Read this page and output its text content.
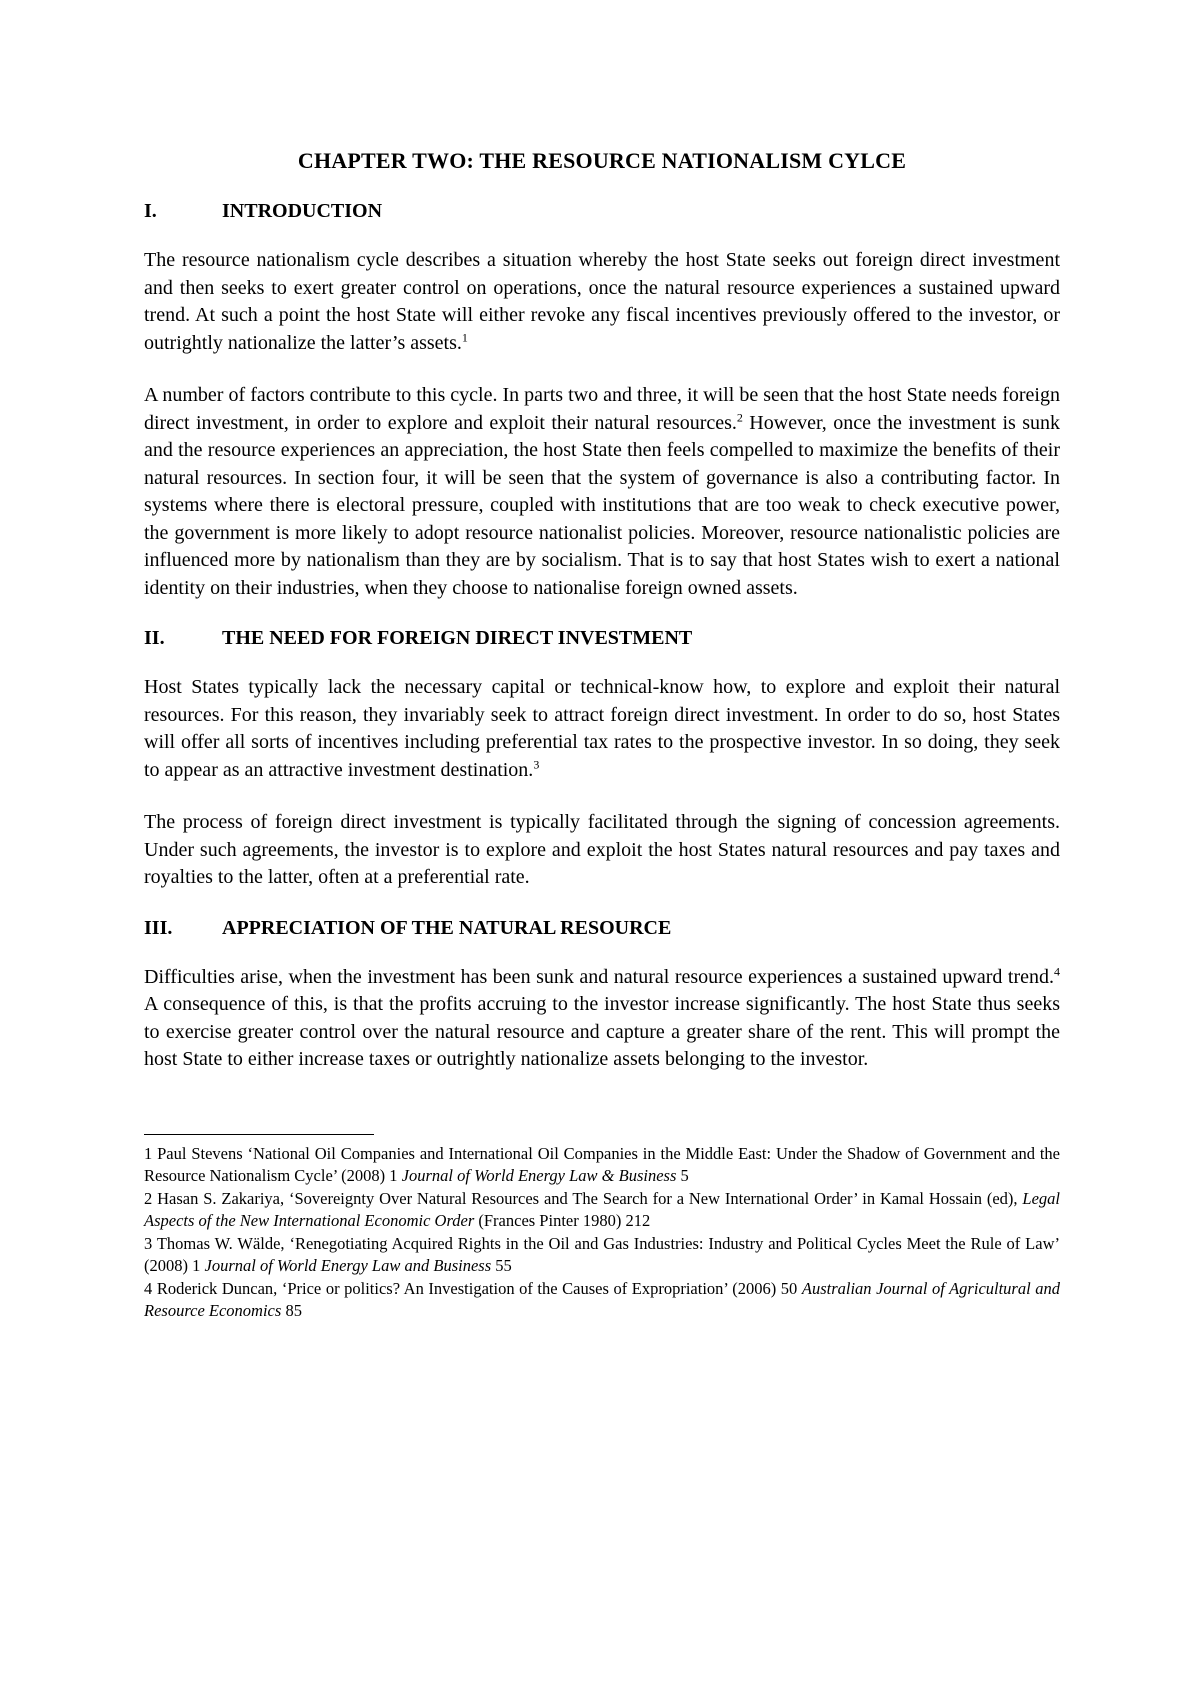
CHAPTER TWO: THE RESOURCE NATIONALISM CYLCE
I.	INTRODUCTION

The resource nationalism cycle describes a situation whereby the host State seeks out foreign direct investment and then seeks to exert greater control on operations, once the natural resource experiences a sustained upward trend. At such a point the host State will either revoke any fiscal incentives previously offered to the investor, or outrightly nationalize the latter’s assets.$^1$

A number of factors contribute to this cycle. In parts two and three, it will be seen that the host State needs foreign direct investment, in order to explore and exploit their natural resources.$^2$ However, once the investment is sunk and the resource experiences an appreciation, the host State then feels compelled to maximize the benefits of their natural resources. In section four, it will be seen that the system of governance is also a contributing factor. In systems where there is electoral pressure, coupled with institutions that are too weak to check executive power, the government is more likely to adopt resource nationalist policies. Moreover, resource nationalistic policies are influenced more by nationalism than they are by socialism. That is to say that host States wish to exert a national identity on their industries, when they choose to nationalise foreign owned assets.

II.	THE NEED FOR FOREIGN DIRECT INVESTMENT

Host States typically lack the necessary capital or technical-know how, to explore and exploit their natural resources. For this reason, they invariably seek to attract foreign direct investment. In order to do so, host States will offer all sorts of incentives including preferential tax rates to the prospective investor. In so doing, they seek to appear as an attractive investment destination.$^3$

The process of foreign direct investment is typically facilitated through the signing of concession agreements. Under such agreements, the investor is to explore and exploit the host States natural resources and pay taxes and royalties to the latter, often at a preferential rate.

III.	APPRECIATION OF THE NATURAL RESOURCE

Difficulties arise, when the investment has been sunk and natural resource experiences a sustained upward trend.$^4$ A consequence of this, is that the profits accruing to the investor increase significantly. The host State thus seeks to exercise greater control over the natural resource and capture a greater share of the rent. This will prompt the host State to either increase taxes or outrightly nationalize assets belonging to the investor.

1 Paul Stevens ‘National Oil Companies and International Oil Companies in the Middle East: Under the Shadow of Government and the Resource Nationalism Cycle’ (2008) 1 Journal of World Energy Law & Business 5

2 Hasan S. Zakariya, ‘Sovereignty Over Natural Resources and The Search for a New International Order’ in Kamal Hossain (ed), Legal Aspects of the New International Economic Order (Frances Pinter 1980) 212

3 Thomas W. Wälde, ‘Renegotiating Acquired Rights in the Oil and Gas Industries: Industry and Political Cycles Meet the Rule of Law’ (2008) 1 Journal of World Energy Law and Business 55

4 Roderick Duncan, ‘Price or politics? An Investigation of the Causes of Expropriation’ (2006) 50 Australian Journal of Agricultural and Resource Economics 85
